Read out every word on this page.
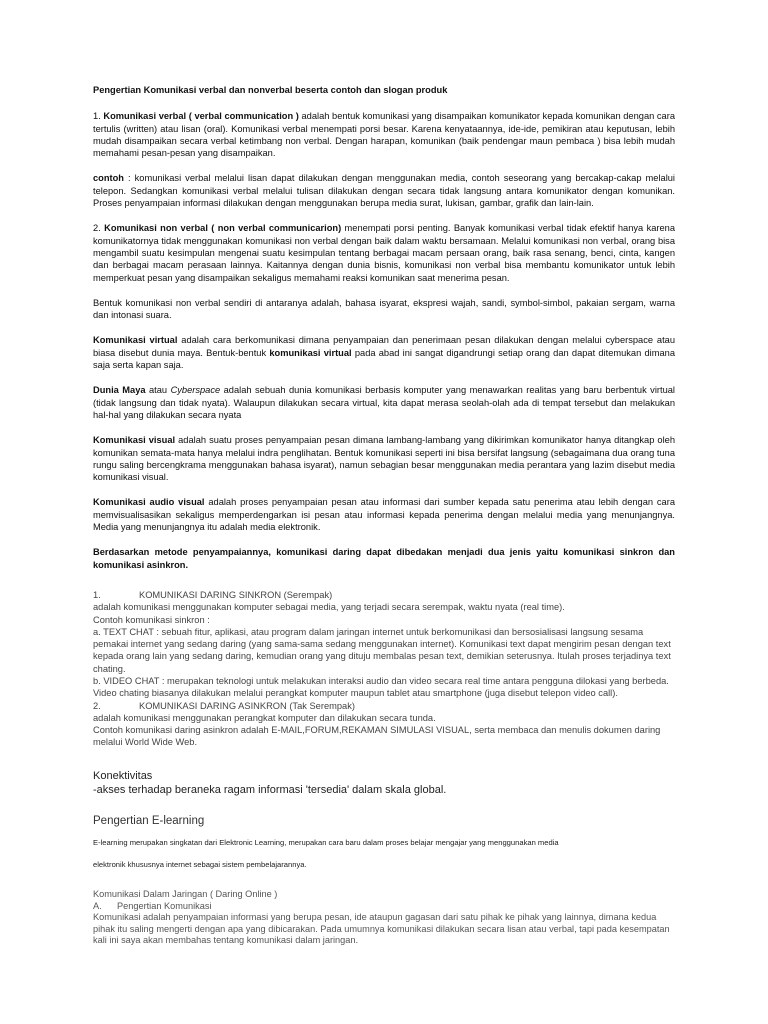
Pengertian Komunikasi verbal dan nonverbal beserta contoh dan slogan produk

1. Komunikasi verbal ( verbal communication ) adalah bentuk komunikasi yang disampaikan komunikator kepada komunikan dengan cara tertulis (written) atau lisan (oral). Komunikasi verbal menempati porsi besar. Karena kenyataannya, ide-ide, pemikiran atau keputusan, lebih mudah disampaikan secara verbal ketimbang non verbal. Dengan harapan, komunikan (baik pendengar maun pembaca ) bisa lebih mudah memahami pesan-pesan yang disampaikan.

contoh : komunikasi verbal melalui lisan dapat dilakukan dengan menggunakan media, contoh seseorang yang bercakap-cakap melalui telepon. Sedangkan komunikasi verbal melalui tulisan dilakukan dengan secara tidak langsung antara komunikator dengan komunikan. Proses penyampaian informasi dilakukan dengan menggunakan berupa media surat, lukisan, gambar, grafik dan lain-lain.

2. Komunikasi non verbal ( non verbal communicarion) menempati porsi penting. Banyak komunikasi verbal tidak efektif hanya karena komunikatornya tidak menggunakan komunikasi non verbal dengan baik dalam waktu bersamaan. Melalui komunikasi non verbal, orang bisa mengambil suatu kesimpulan mengenai suatu kesimpulan tentang berbagai macam persaan orang, baik rasa senang, benci, cinta, kangen dan berbagai macam perasaan lainnya. Kaitannya dengan dunia bisnis, komunikasi non verbal bisa membantu komunikator untuk lebih memperkuat pesan yang disampaikan sekaligus memahami reaksi komunikan saat menerima pesan.

Bentuk komunikasi non verbal sendiri di antaranya adalah, bahasa isyarat, ekspresi wajah, sandi, symbol-simbol, pakaian sergam, warna dan intonasi suara.

Komunikasi virtual adalah cara berkomunikasi dimana penyampaian dan penerimaan pesan dilakukan dengan melalui cyberspace atau biasa disebut dunia maya. Bentuk-bentuk komunikasi virtual pada abad ini sangat digandrungi setiap orang dan dapat ditemukan dimana saja serta kapan saja.

Dunia Maya atau Cyberspace adalah sebuah dunia komunikasi berbasis komputer yang menawarkan realitas yang baru berbentuk virtual (tidak langsung dan tidak nyata). Walaupun dilakukan secara virtual, kita dapat merasa seolah-olah ada di tempat tersebut dan melakukan hal-hal yang dilakukan secara nyata

Komunikasi visual adalah suatu proses penyampaian pesan dimana lambang-lambang yang dikirimkan komunikator hanya ditangkap oleh komunikan semata-mata hanya melalui indra penglihatan. Bentuk komunikasi seperti ini bisa bersifat langsung (sebagaimana dua orang tuna rungu saling bercengkrama menggunakan bahasa isyarat), namun sebagian besar menggunakan media perantara yang lazim disebut media komunikasi visual.

Komunikasi audio visual adalah proses penyampaian pesan atau informasi dari sumber kepada satu penerima atau lebih dengan cara memvisualisasikan sekaligus memperdengarkan isi pesan atau informasi kepada penerima dengan melalui media yang menunjangnya. Media yang menunjangnya itu adalah media elektronik.

Berdasarkan metode penyampaiannya, komunikasi daring dapat dibedakan menjadi dua jenis yaitu komunikasi sinkron dan komunikasi asinkron.

1.	KOMUNIKASI DARING SINKRON (Serempak)

adalah komunikasi menggunakan komputer sebagai media, yang terjadi secara serempak, waktu nyata (real time).

Contoh komunikasi sinkron :

a. TEXT CHAT : sebuah fitur, aplikasi, atau program dalam jaringan internet untuk berkomunikasi dan bersosialisasi langsung sesama pemakai internet yang sedang daring (yang sama-sama sedang menggunakan internet). Komunikasi text dapat mengirim pesan dengan text kepada orang lain yang sedang daring, kemudian orang yang dituju membalas pesan text, demikian seterusnya. Itulah proses terjadinya text chating.

b. VIDEO CHAT : merupakan teknologi untuk melakukan interaksi audio dan video secara real time antara pengguna dilokasi yang berbeda. Video chating biasanya dilakukan melalui perangkat komputer maupun tablet atau smartphone (juga disebut telepon video call).

2.	KOMUNIKASI DARING ASINKRON (Tak Serempak)

adalah komunikasi menggunakan perangkat komputer dan dilakukan secara tunda.

Contoh komunikasi daring asinkron adalah E-MAIL,FORUM,REKAMAN SIMULASI VISUAL, serta membaca dan menulis dokumen daring melalui World Wide Web.

Konektivitas

-akses terhadap beraneka ragam informasi 'tersedia' dalam skala global.

Pengertian E-learning

E-learning merupakan singkatan dari Elektronic Learning, merupakan cara baru dalam proses belajar mengajar yang menggunakan media

elektronik khususnya internet sebagai sistem pembelajarannya.

Komunikasi Dalam Jaringan ( Daring Online )

A.	Pengertian Komunikasi

Komunikasi adalah penyampaian informasi yang berupa pesan, ide ataupun gagasan dari satu pihak ke pihak yang lainnya, dimana kedua pihak itu saling mengerti dengan apa yang dibicarakan. Pada umumnya komunikasi dilakukan secara lisan atau verbal, tapi pada kesempatan kali ini saya akan membahas tentang komunikasi dalam jaringan.
